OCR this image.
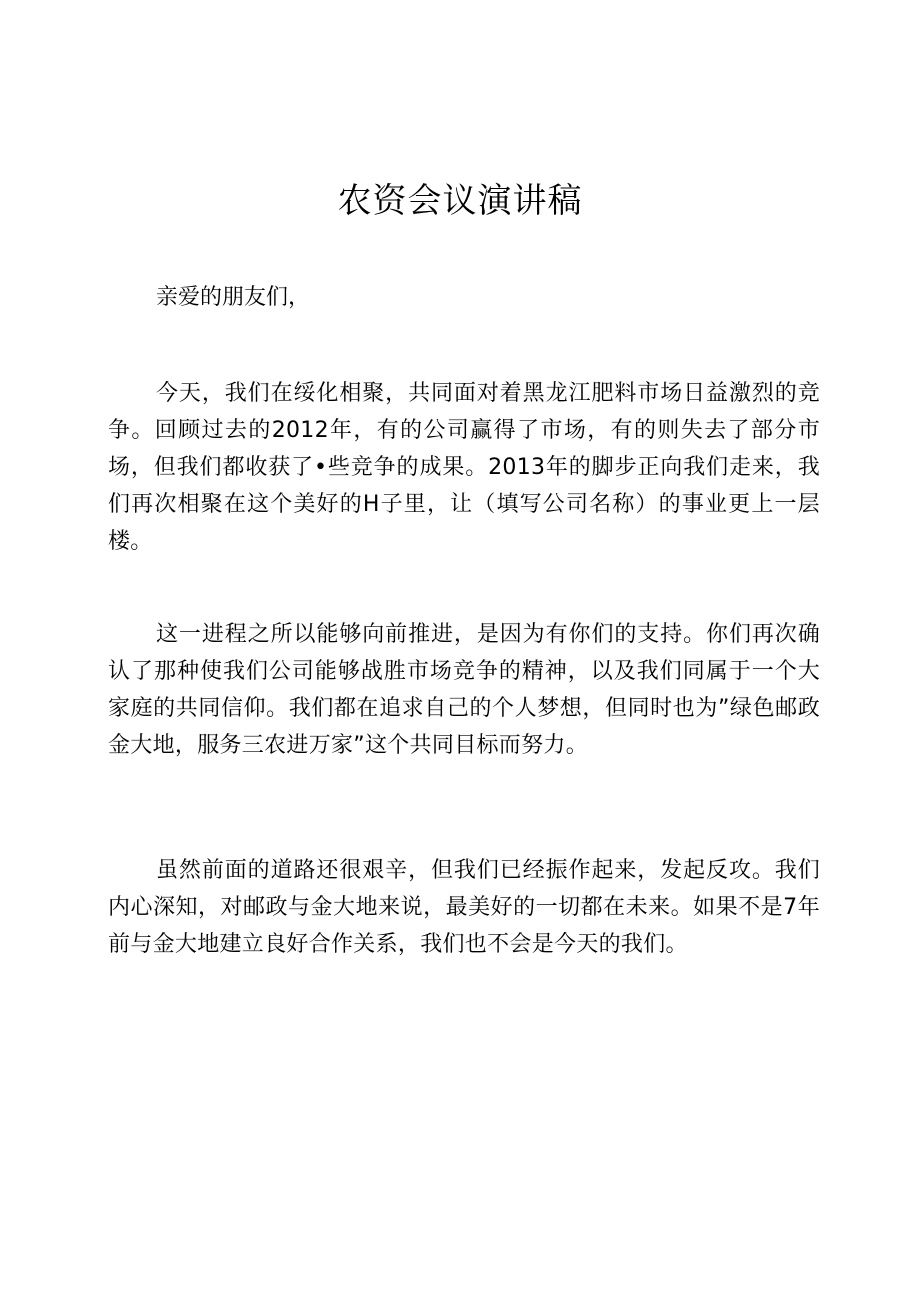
农资会议演讲稿

亲爱的朋友们，

今天，我们在绥化相聚，共同面对着黑龙江肥料市场日益激烈的竞争。回顾过去的2012年，有的公司赢得了市场，有的则失去了部分市场，但我们都收获了•些竞争的成果。2013年的脚步正向我们走来，我们再次相聚在这个美好的H子里，让（填写公司名称）的事业更上一层楼。

这一进程之所以能够向前推进，是因为有你们的支持。你们再次确认了那种使我们公司能够战胜市场竞争的精神，以及我们同属于一个大家庭的共同信仰。我们都在追求自己的个人梦想，但同时也为”绿色邮政金大地，服务三农进万家”这个共同目标而努力。

虽然前面的道路还很艰辛，但我们已经振作起来，发起反攻。我们内心深知，对邮政与金大地来说，最美好的一切都在未来。如果不是7年前与金大地建立良好合作关系，我们也不会是今天的我们。
